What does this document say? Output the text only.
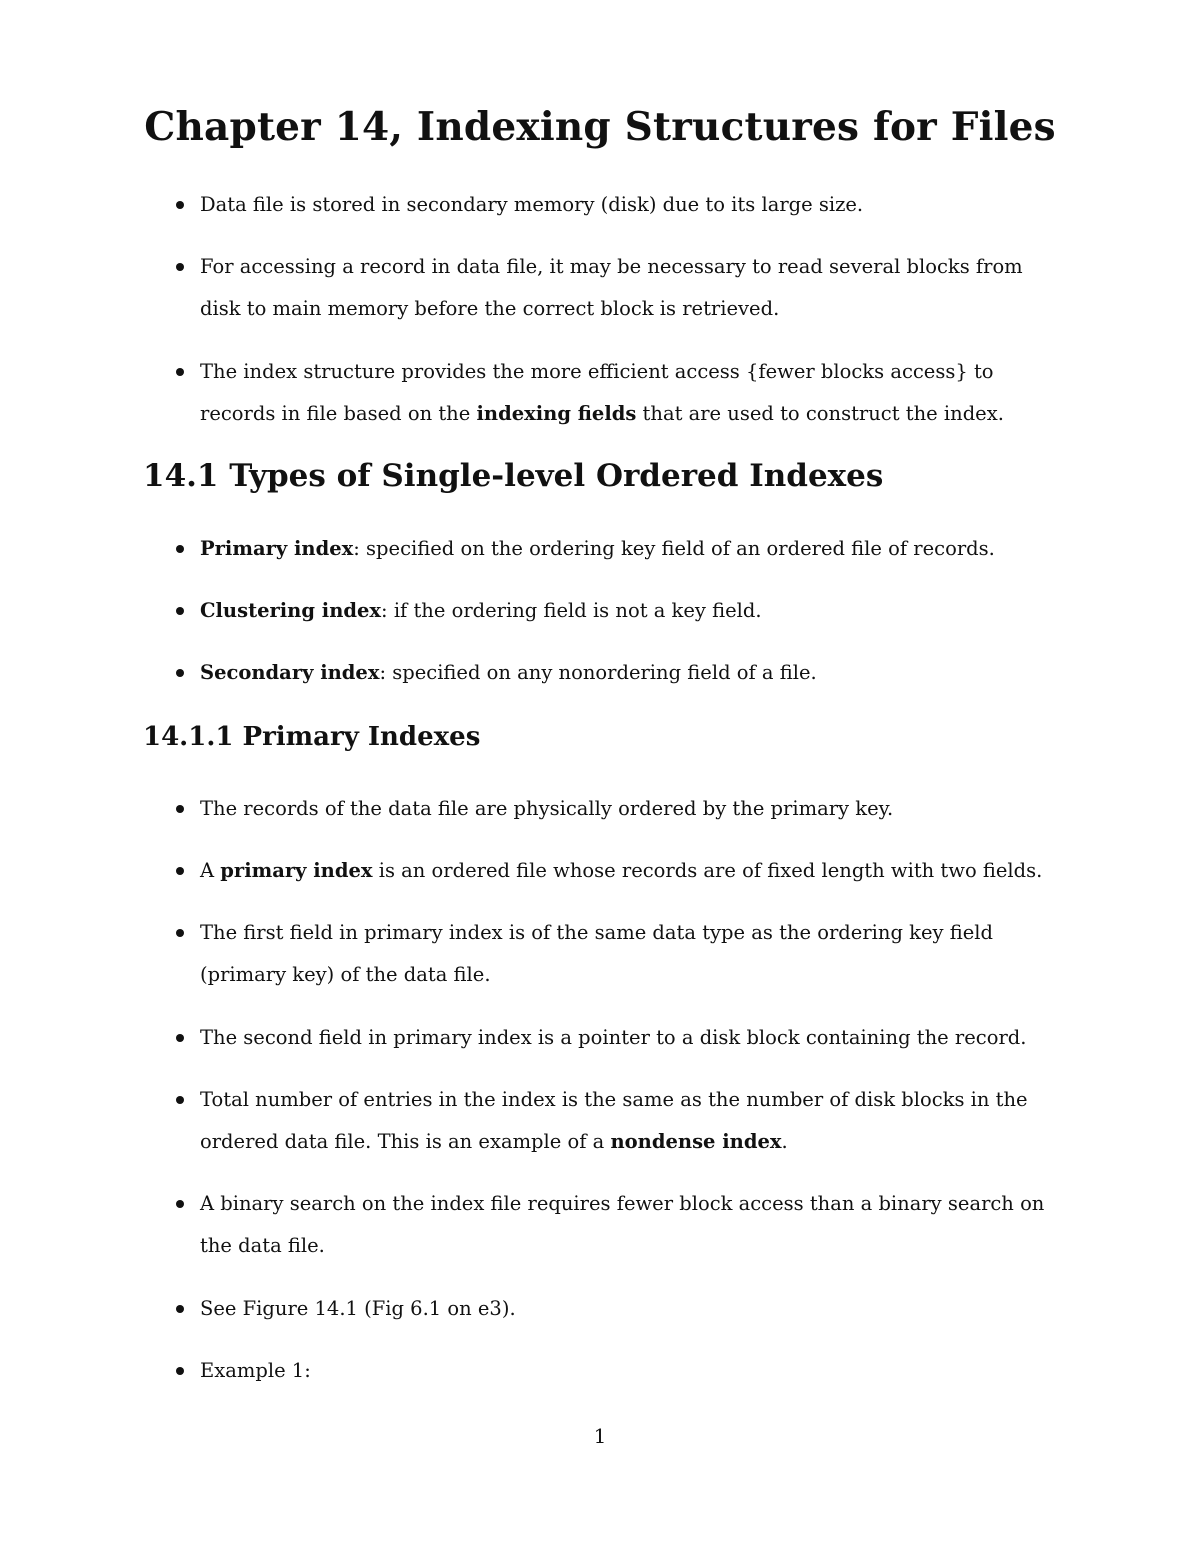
Chapter 14, Indexing Structures for Files
Data file is stored in secondary memory (disk) due to its large size.
For accessing a record in data file, it may be necessary to read several blocks from disk to main memory before the correct block is retrieved.
The index structure provides the more efficient access {fewer blocks access} to records in file based on the indexing fields that are used to construct the index.
14.1 Types of Single-level Ordered Indexes
Primary index: specified on the ordering key field of an ordered file of records.
Clustering index: if the ordering field is not a key field.
Secondary index: specified on any nonordering field of a file.
14.1.1 Primary Indexes
The records of the data file are physically ordered by the primary key.
A primary index is an ordered file whose records are of fixed length with two fields.
The first field in primary index is of the same data type as the ordering key field (primary key) of the data file.
The second field in primary index is a pointer to a disk block containing the record.
Total number of entries in the index is the same as the number of disk blocks in the ordered data file. This is an example of a nondense index.
A binary search on the index file requires fewer block access than a binary search on the data file.
See Figure 14.1 (Fig 6.1 on e3).
Example 1:
1
